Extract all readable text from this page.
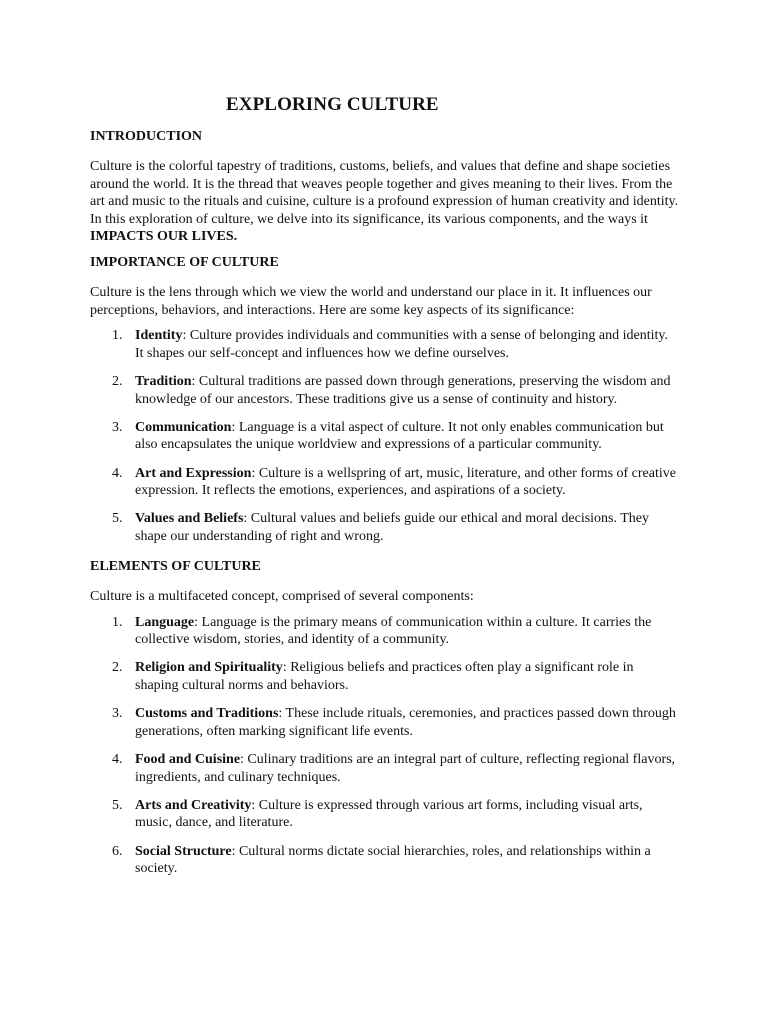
EXPLORING CULTURE
INTRODUCTION

Culture is the colorful tapestry of traditions, customs, beliefs, and values that define and shape societies around the world. It is the thread that weaves people together and gives meaning to their lives. From the art and music to the rituals and cuisine, culture is a profound expression of human creativity and identity. In this exploration of culture, we delve into its significance, its various components, and the ways it IMPACTS OUR LIVES.

IMPORTANCE OF CULTURE

Culture is the lens through which we view the world and understand our place in it. It influences our perceptions, behaviors, and interactions. Here are some key aspects of its significance:

1. Identity: Culture provides individuals and communities with a sense of belonging and identity. It shapes our self-concept and influences how we define ourselves.
2. Tradition: Cultural traditions are passed down through generations, preserving the wisdom and knowledge of our ancestors. These traditions give us a sense of continuity and history.
3. Communication: Language is a vital aspect of culture. It not only enables communication but also encapsulates the unique worldview and expressions of a particular community.
4. Art and Expression: Culture is a wellspring of art, music, literature, and other forms of creative expression. It reflects the emotions, experiences, and aspirations of a society.
5. Values and Beliefs: Cultural values and beliefs guide our ethical and moral decisions. They shape our understanding of right and wrong.
ELEMENTS OF CULTURE

Culture is a multifaceted concept, comprised of several components:

1. Language: Language is the primary means of communication within a culture. It carries the collective wisdom, stories, and identity of a community.
2. Religion and Spirituality: Religious beliefs and practices often play a significant role in shaping cultural norms and behaviors.
3. Customs and Traditions: These include rituals, ceremonies, and practices passed down through generations, often marking significant life events.
4. Food and Cuisine: Culinary traditions are an integral part of culture, reflecting regional flavors, ingredients, and culinary techniques.
5. Arts and Creativity: Culture is expressed through various art forms, including visual arts, music, dance, and literature.
6. Social Structure: Cultural norms dictate social hierarchies, roles, and relationships within a society.
